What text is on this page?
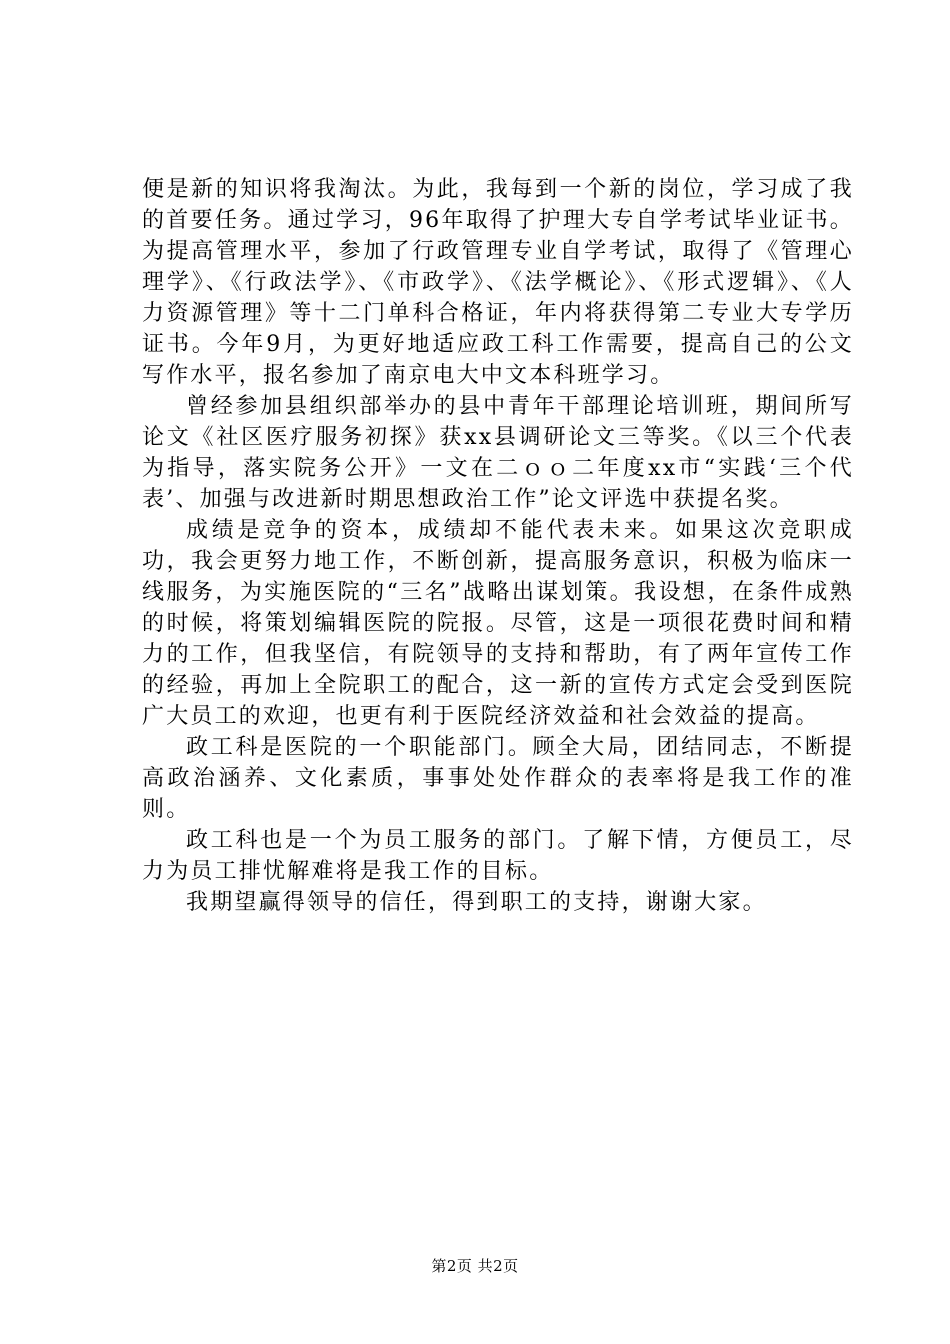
便是新的知识将我淘汰。为此，我每到一个新的岗位，学习成了我的首要任务。通过学习，96年取得了护理大专自学考试毕业证书。为提高管理水平，参加了行政管理专业自学考试，取得了《管理心理学》、《行政法学》、《市政学》、《法学概论》、《形式逻辑》、《人力资源管理》等十二门单科合格证，年内将获得第二专业大专学历证书。今年9月，为更好地适应政工科工作需要，提高自己的公文写作水平，报名参加了南京电大中文本科班学习。

曾经参加县组织部举办的县中青年干部理论培训班，期间所写论文《社区医疗服务初探》获xx县调研论文三等奖。《以三个代表为指导，落实院务公开》一文在二ｏｏ二年度xx市“实践‘三个代表’、加强与改进新时期思想政治工作”论文评选中获提名奖。

成绩是竞争的资本，成绩却不能代表未来。如果这次竞职成功，我会更努力地工作，不断创新，提高服务意识，积极为临床一线服务，为实施医院的“三名”战略出谋划策。我设想，在条件成熟的时候，将策划编辑医院的院报。尽管，这是一项很花费时间和精力的工作，但我坚信，有院领导的支持和帮助，有了两年宣传工作的经验，再加上全院职工的配合，这一新的宣传方式定会受到医院广大员工的欢迎，也更有利于医院经济效益和社会效益的提高。

政工科是医院的一个职能部门。顾全大局，团结同志，不断提高政治涵养、文化素质，事事处处作群众的表率将是我工作的准则。

政工科也是一个为员工服务的部门。了解下情，方便员工，尽力为员工排忧解难将是我工作的目标。

我期望赢得领导的信任，得到职工的支持，谢谢大家。

第2页 共2页
